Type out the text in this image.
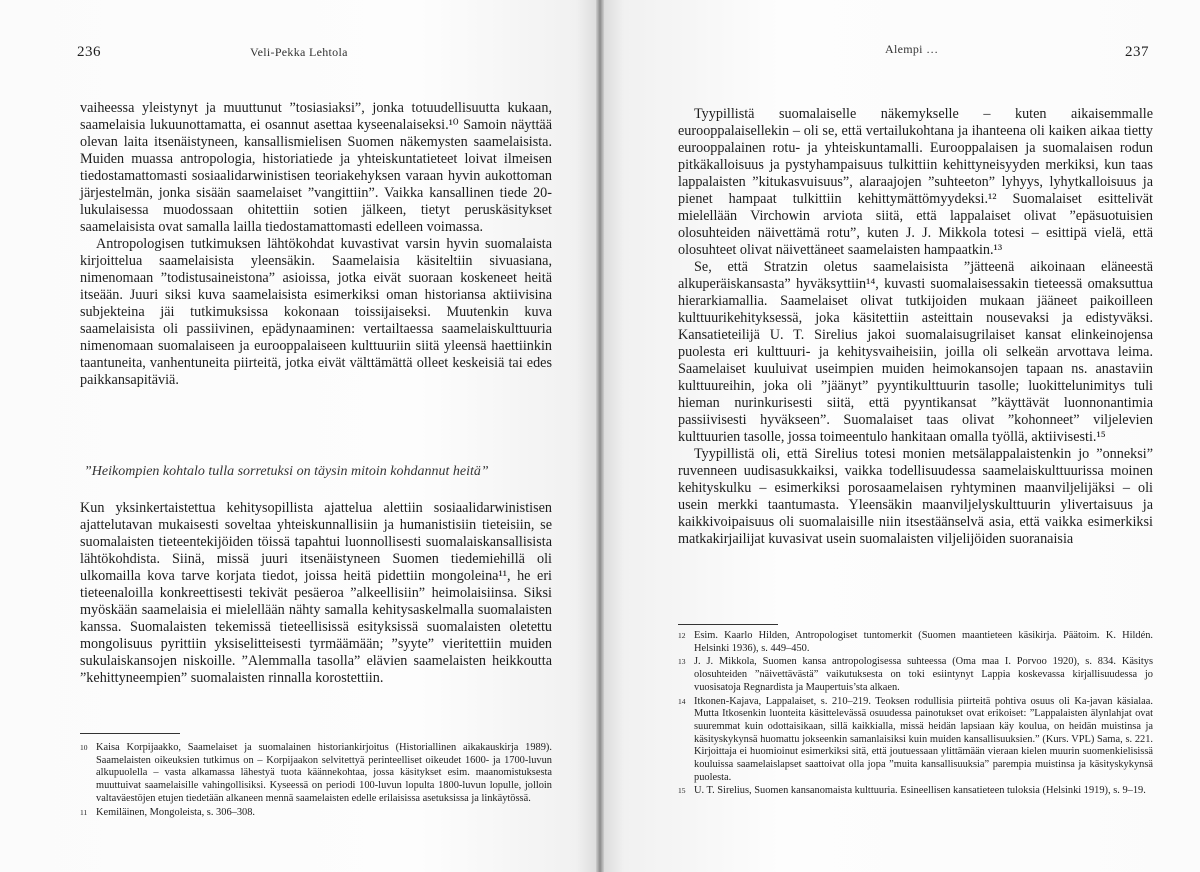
236	Veli-Pekka Lehtola

vaiheessa yleistynyt ja muuttunut ”tosiasiaksi”, jonka totuudellisuutta kukaan, saamelaisia lukuunottamatta, ei osannut asettaa kyseenalaiseksi.¹⁰ Samoin näyttää olevan laita itsenäistyneen, kansallismielisen Suomen näkemysten saamelaisista. Muiden muassa antropologia, historiatiede ja yhteiskuntatieteet loivat ilmeisen tiedostamattomasti sosiaalidarwinistisen teoriakehyksen varaan hyvin aukottoman järjestelmän, jonka sisään saamelaiset ”vangittiin”. Vaikka kansallinen tiede 20-lukulaisessa muodossaan ohitettiin sotien jälkeen, tietyt peruskäsitykset saamelaisista ovat samalla lailla tiedostamattomasti edelleen voimassa.

Antropologisen tutkimuksen lähtökohdat kuvastivat varsin hyvin suomalaista kirjoittelua saamelaisista yleensäkin. Saamelaisia käsiteltiin sivuasiana, nimenomaan ”todistusaineistona” asioissa, jotka eivät suoraan koskeneet heitä itseään. Juuri siksi kuva saamelaisista esimerkiksi oman historiansa aktiivisina subjekteina jäi tutkimuksissa kokonaan toissijaiseksi. Muutenkin kuva saamelaisista oli passiivinen, epädynaaminen: vertailtaessa saamelaiskulttuuria nimenomaan suomalaiseen ja eurooppalaiseen kulttuuriin siitä yleensä haettiinkin taantuneita, vanhentuneita piirteitä, jotka eivät välttämättä olleet keskeisiä tai edes paikkansapitäviä.

”Heikompien kohtalo tulla sorretuksi on täysin mitoin kohdannut heitä”

Kun yksinkertaistettua kehitysopillista ajattelua alettiin sosiaalidarwinistisen ajattelutavan mukaisesti soveltaa yhteiskunnallisiin ja humanistisiin tieteisiin, se suomalaisten tieteentekijöiden töissä tapahtui luonnollisesti suomalaiskansallisista lähtökohdista. Siinä, missä juuri itsenäistyneen Suomen tiedemiehillä oli ulkomailla kova tarve korjata tiedot, joissa heitä pidettiin mongoleina¹¹, he eri tieteenaloilla konkreettisesti tekivät pesäeroa ”alkeellisiin” heimolaisiinsa. Siksi myöskään saamelaisia ei mielellään nähty samalla kehitysaskelmalla suomalaisten kanssa. Suomalaisten tekemissä tieteellisissä esityksissä suomalaisten oletettu mongolisuus pyrittiin yksiselitteisesti tyrmäämään; ”syyte” vieritettiin muiden sukulaiskansojen niskoille. ”Alemmalla tasolla” elävien saamelaisten heikkoutta ”kehittyneempien” suomalaisten rinnalla korostettiin.

10 Kaisa Korpijaakko, Saamelaiset ja suomalainen historiankirjoitus (Historiallinen aikakauskirja 1989). Saamelaisten oikeuksien tutkimus on – Korpijaakon selvitettyä perinteelliset oikeudet 1600- ja 1700-luvun alkupuolella – vasta alkamassa lähestyä tuota käännekohtaa, jossa käsitykset esim. maanomistuksesta muuttuivat saamelaisille vahingollisiksi. Kyseessä on periodi 100-luvun lopulta 1800-luvun lopulle, jolloin valtaväestöjen etujen tiedetään alkaneen mennä saamelaisten edelle erilaisissa asetuksissa ja linkäytössä.
11 Kemiläinen, Mongoleista, s. 306–308.
Alempi …	237

Tyypillistä suomalaiselle näkemykselle – kuten aikaisemmalle eurooppalaisellekin – oli se, että vertailukohtana ja ihanteena oli kaiken aikaa tietty eurooppalainen rotu- ja yhteiskuntamalli. Eurooppalaisen ja suomalaisen rodun pitkäkalloisuus ja pystyhampaisuus tulkittiin kehittyneisyyden merkiksi, kun taas lappalaisten ”kitukasvuisuus”, alaraajojen ”suhteeton” lyhyys, lyhytkalloisuus ja pienet hampaat tulkittiin kehittymättömyydeksi.¹² Suomalaiset esittelivät mielellään Virchowin arviota siitä, että lappalaiset olivat ”epäsuotuisien olosuhteiden näivettämä rotu”, kuten J. J. Mikkola totesi – esittipä vielä, että olosuhteet olivat näivettäneet saamelaisten hampaatkin.¹³

Se, että Stratzin oletus saamelaisista ”jätteenä aikoinaan eläneestä alkuperäiskansasta” hyväksyttiin¹⁴, kuvasti suomalaisessakin tieteessä omaksuttua hierarkiamallia. Saamelaiset olivat tutkijoiden mukaan jääneet paikoilleen kulttuurikehityksessä, joka käsitettiin asteittain nousevaksi ja edistyväksi. Kansatieteilijä U. T. Sirelius jakoi suomalaisugrilaiset kansat elinkeinojensa puolesta eri kulttuuri- ja kehitysvaiheisiin, joilla oli selkeän arvottava leima. Saamelaiset kuuluivat useimpien muiden heimokansojen tapaan ns. anastaviin kulttuureihin, joka oli ”jäänyt” pyyntikulttuurin tasolle; luokittelunimitys tuli hieman nurinkurisesti siitä, että pyyntikansat ”käyttävät luonnonantimia passiivisesti hyväkseen”. Suomalaiset taas olivat ”kohonneet” viljelevien kulttuurien tasolle, jossa toimeentulo hankitaan omalla työllä, aktiivisesti.¹⁵

Tyypillistä oli, että Sirelius totesi monien metsälappalaistenkin jo ”onneksi” ruvenneen uudisasukkaiksi, vaikka todellisuudessa saamelaiskulttuurissa moinen kehityskulku – esimerkiksi porosaamelaisen ryhtyminen maanviljelijäksi – oli usein merkki taantumasta. Yleensäkin maanviljelyskulttuurin ylivertaisuus ja kaikkivoipaisuus oli suomalaisille niin itsestäänselvä asia, että vaikka esimerkiksi matkakirjailijat kuvasivat usein suomalaisten viljelijöiden suoranaisia

12 Esim. Kaarlo Hilden, Antropologiset tuntomerkit (Suomen maantieteen käsikirja. Päätoim. K. Hildén. Helsinki 1936), s. 449–450.
13 J. J. Mikkola, Suomen kansa antropologisessa suhteessa (Oma maa I. Porvoo 1920), s. 834. Käsitys olosuhteiden ”näivettävästä” vaikutuksesta on toki esiintynyt Lappia koskevassa kirjallisuudessa jo vuosisatoja Regnardista ja Maupertuis’sta alkaen.
14 Itkonen-Kajava, Lappalaiset, s. 210–219. Teoksen rodullisia piirteitä pohtiva osuus oli Ka-javan käsialaa. Mutta Itkosenkin luonteita käsittelevässä osuudessa painotukset ovat erikoiset: ”Lappalaisten älynlahjat ovat suuremmat kuin odottaisikaan, sillä kaikkialla, missä heidän lapsiaan käy koulua, on heidän muistinsa ja käsityskykynsä huomattu jokseenkin samanlaisiksi kuin muiden kansallisuuksien.” (Kurs. VPL) Sama, s. 221. Kirjoittaja ei huomioinut esimerkiksi sitä, että joutuessaan ylittämään vieraan kielen muurin suomenkielisissä kouluissa saamelaislapset saattoivat olla jopa ”muita kansallisuuksia” parempia muistinsa ja käsityskykynsä puolesta.
15 U. T. Sirelius, Suomen kansanomaista kulttuuria. Esineellisen kansatieteen tuloksia (Helsinki 1919), s. 9–19.
